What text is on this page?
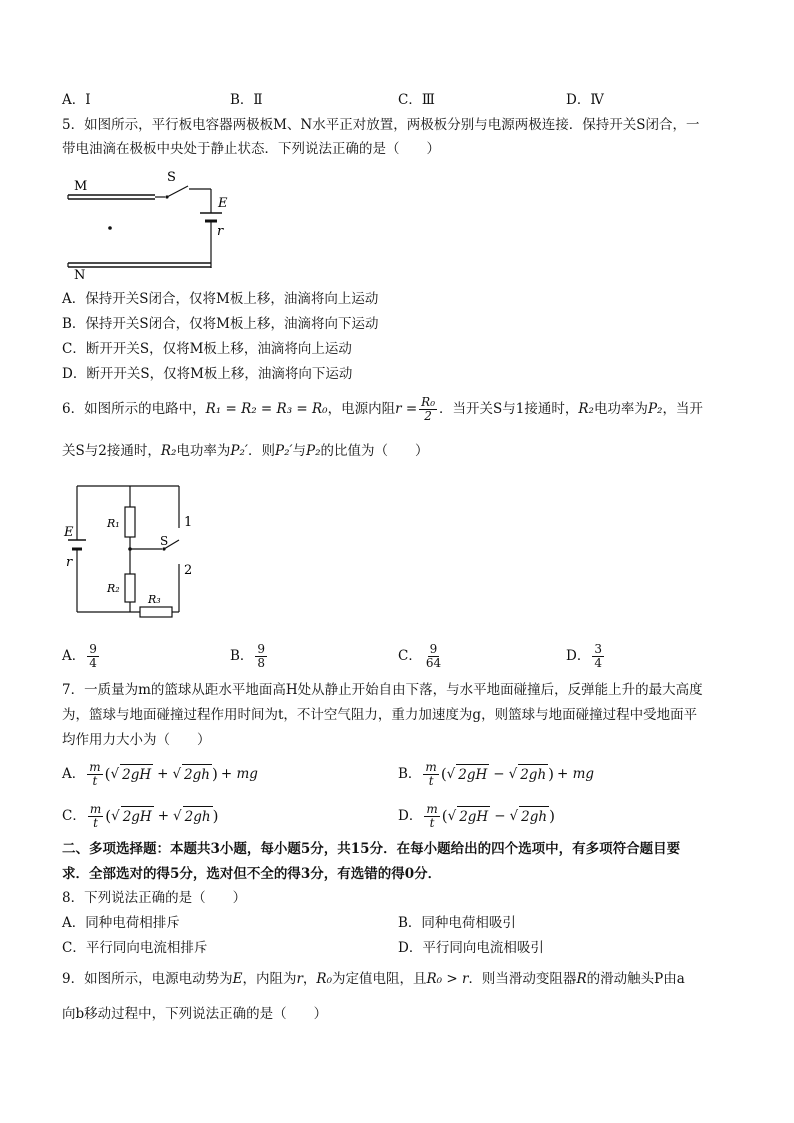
A．Ⅰ	B．Ⅱ	C．Ⅲ	D．Ⅳ
5．如图所示，平行板电容器两极板M、N水平正对放置，两极板分别与电源两极连接．保持开关S闭合，一
带电油滴在极板中央处于静止状态．下列说法正确的是（　　）
M
N
S
E
r
A．保持开关S闭合，仅将M板上移，油滴将向上运动
B．保持开关S闭合，仅将M板上移，油滴将向下运动
C．断开开关S，仅将M板上移，油滴将向上运动
D．断开开关S，仅将M板上移，油滴将向下运动
6．如图所示的电路中， R₁ = R₂ = R₃ = R₀ ，电源内阻 $r = \frac{\text{R₀}}{2}$ ．当开关S与1接通时， R₂ 电功率为 P₂ ，当开
关S与2接通时，R₂电功率为P₂′．则P₂′与P₂的比值为（　　）
E
r
R₁
R₂
R₃
S
1
2
A． $\frac{9}{4}$	B． $\frac{9}{8}$	C． $\frac{9}{64}$	D． $\frac{3}{4}$
7．一质量为m的篮球从距水平地面高H处从静止开始自由下落，与水平地面碰撞后，反弹能上升的最大高度
为，篮球与地面碰撞过程作用时间为t，不计空气阻力，重力加速度为g，则篮球与地面碰撞过程中受地面平
均作用力大小为（　　）
A． $\frac{m}{t}$ ( √ 2gH + √ 2gh ) + mg	B． $\frac{m}{t}$ ( √ 2gH − √ 2gh ) + mg
C． $\frac{m}{t}$ ( √ 2gH + √ 2gh )	D． $\frac{m}{t}$ ( √ 2gH − √ 2gh )
二、多项选择题：本题共3小题，每小题5分，共15分．在每小题给出的四个选项中，有多项符合题目要
求．全部选对的得5分，选对但不全的得3分，有选错的得0分．
8．下列说法正确的是（　　）
A．同种电荷相排斥	B．同种电荷相吸引
C．平行同向电流相排斥	D．平行同向电流相吸引
9．如图所示，电源电动势为E，内阻为r，R₀为定值电阻，且R₀ > r．则当滑动变阻器R的滑动触头P由a
向b移动过程中，下列说法正确的是（　　）
